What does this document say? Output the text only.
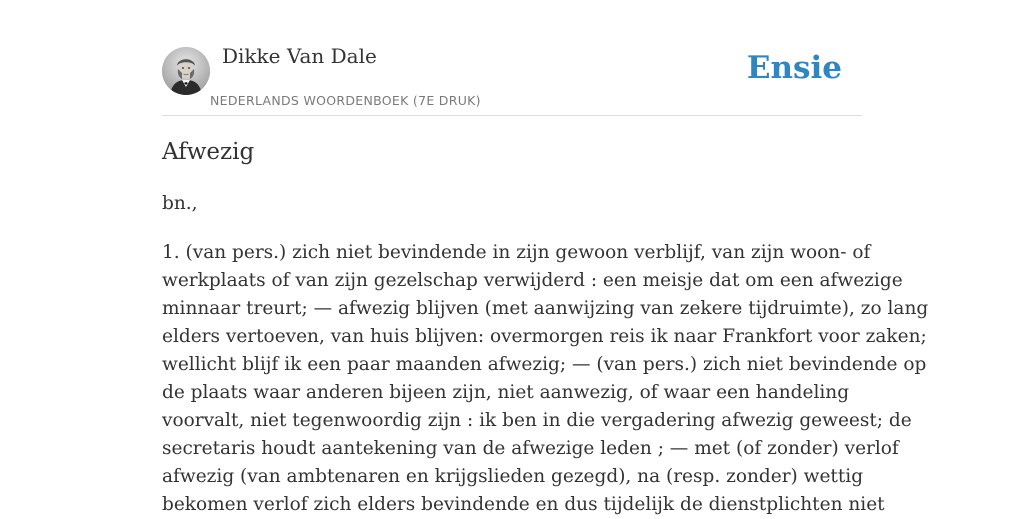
Dikke Van Dale
NEDERLANDS WOORDENBOEK (7E DRUK)
Ensie
Afwezig
bn.,

1. (van pers.) zich niet bevindende in zijn gewoon verblijf, van zijn woon- of
werkplaats of van zijn gezelschap verwijderd : een meisje dat om een afwezige
minnaar treurt; — afwezig blijven (met aanwijzing van zekere tijdruimte), zo lang
elders vertoeven, van huis blijven: overmorgen reis ik naar Frankfort voor zaken;
wellicht blijf ik een paar maanden afwezig; — (van pers.) zich niet bevindende op
de plaats waar anderen bijeen zijn, niet aanwezig, of waar een handeling
voorvalt, niet tegenwoordig zijn : ik ben in die vergadering afwezig geweest; de
secretaris houdt aantekening van de afwezige leden ; — met (of zonder) verlof
afwezig (van ambtenaren en krijgslieden gezegd), na (resp. zonder) wettig
bekomen verlof zich elders bevindende en dus tijdelijk de dienstplichten niet
